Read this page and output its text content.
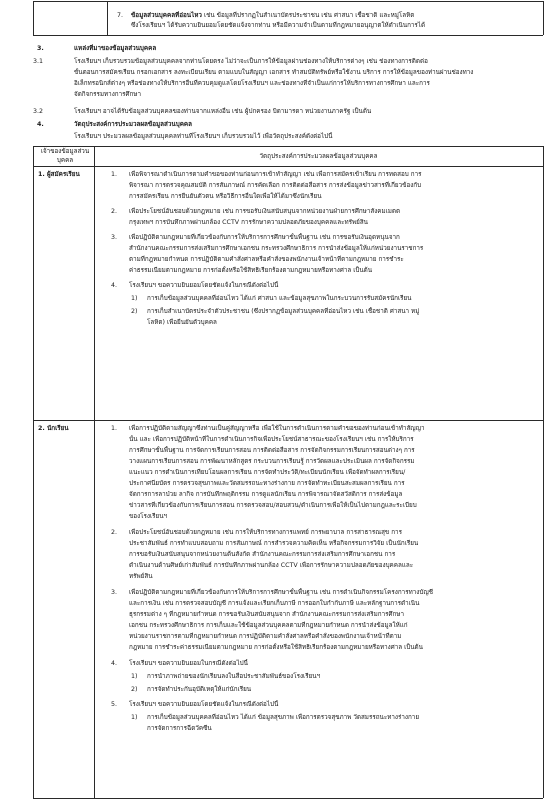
7. ข้อมูลส่วนบุคคลที่อ่อนไหว เช่น ข้อมูลที่ปรากฏในสำเนาบัตรประชาชน เช่น ศาสนา เชื้อชาติ และหมู่โลหิต
ซึ่งโรงเรียนฯ ได้รับความยินยอมโดยชัดแจ้งจากท่าน หรือมีความจำเป็นตามที่กฎหมายอนุญาตให้ดำเนินการได้
3.	แหล่งที่มาของข้อมูลส่วนบุคคล
3.1	โรงเรียนฯ เก็บรวบรวมข้อมูลส่วนบุคคลจากท่านโดยตรง ไม่ว่าจะเป็นการให้ข้อมูลผ่านช่องทางให้บริการต่างๆ เช่น ช่องทางการติดต่อ
ขั้นตอนการสมัครเรียน กรอกเอกสาร ลงทะเบียนเรียน ตามแบบในสัญญา เอกสาร ทำสมบัติทรัพย์หรือใช้งาน บริการ การให้ข้อมูลของท่านผ่านช่องทาง
อิเล็กทรอนิกส์ต่างๆ หรือช่องทางให้บริการอื่นที่ควบคุมดูแลโดยโรงเรียนฯ และช่องทางที่จำเป็นแก่การให้บริการทางการศึกษา และการ
จัดกิจกรรมทางการศึกษา
3.2	โรงเรียนฯ อาจได้รับข้อมูลส่วนบุคคลของท่านจากแหล่งอื่น เช่น ผู้ปกครอง บิดามารดา หน่วยงานภาครัฐ เป็นต้น
4.	วัตถุประสงค์การประมวลผลข้อมูลส่วนบุคคล
โรงเรียนฯ ประมวลผลข้อมูลส่วนบุคคลท่านที่โรงเรียนฯ เก็บรวบรวมไว้ เพื่อวัตถุประสงค์ดังต่อไปนี้
เจ้าของข้อมูลส่วน
บุคคล
วัตถุประสงค์การประมวลผลข้อมูลส่วนบุคคล
1. ผู้สมัครเรียน	1. เพื่อพิจารณาดำเนินการตามคำขอของท่านก่อนการเข้าทำสัญญา เช่น เพื่อการสมัครเข้าเรียน การทดสอบ การ
พิจารณา การตรวจคุณสมบัติ การสัมภาษณ์ การคัดเลือก การติดต่อสื่อสาร การส่งข้อมูลข่าวสารที่เกี่ยวข้องกับ
การสมัครเรียน การยืนยันตัวตน หรือวิธีการอื่นใดเพื่อให้ได้มาซึ่งนักเรียน
2. เพื่อประโยชน์อันชอบด้วยกฎหมาย เช่น การขอรับเงินสนับสนุนจากหน่วยงานฝ่ายการศึกษาสังคมเมตต
กรุงเทพฯ การบันทึกภาพผ่านกล้อง CCTV การรักษาความปลอดภัยของบุคคลและทรัพย์สิน
3. เพื่อปฏิบัติตามกฎหมายที่เกี่ยวข้องกับการให้บริการการศึกษาขั้นพื้นฐาน เช่น การขอรับเงินอุดหนุนจาก
สำนักงานคณะกรรมการส่งเสริมการศึกษาเอกชน กระทรวงศึกษาธิการ การนำส่งข้อมูลให้แก่หน่วยงานราชการ
ตามที่กฎหมายกำหนด การปฏิบัติตามคำสั่งศาลหรือคำสั่งของพนักงานเจ้าหน้าที่ตามกฎหมาย การชำระ
ค่าธรรมเนียมตามกฎหมาย การก่อตั้งหรือใช้สิทธิเรียกร้องตามกฎหมายหรือทางศาล เป็นต้น
4. โรงเรียนฯ ขอความยินยอมโดยชัดแจ้งในกรณีดังต่อไปนี้
1) การเก็บข้อมูลส่วนบุคคลที่อ่อนไหว ได้แก่ ศาสนา และข้อมูลสุขภาพในกระบวนการรับสมัครนักเรียน
2) การเก็บสำเนาบัตรประจำตัวประชาชน (ซึ่งปรากฏข้อมูลส่วนบุคคลที่อ่อนไหว เช่น เชื้อชาติ ศาสนา หมู่
โลหิต) เพื่อยืนยันตัวบุคคล
2. นักเรียน	1. เพื่อการปฏิบัติตามสัญญาซึ่งท่านเป็นคู่สัญญาหรือ เพื่อใช้ในการดำเนินการตามคำขอของท่านก่อนเข้าทำสัญญา
นั้น และ เพื่อการปฏิบัติหน้าที่ในการดำเนินการกิจเพื่อประโยชน์สาธารณะของโรงเรียนฯ เช่น การให้บริการ
การศึกษาขั้นพื้นฐาน การจัดการเรียนการสอน การติดต่อสื่อสาร การจัดกิจกรรมการเรียนการสอนต่างๆ การ
วางแผนการเรียนการสอน การพัฒนาหลักสูตร กระบวนการเรียนรู้ การวัดผลและประเมินผล การจัดกิจกรรม
แนะแนว การดำเนินการเทียบโอนผลการเรียน การจัดทำประวัติ/ทะเบียนนักเรียน เพื่อจัดทำผลการเรียน/
ประกาศนียบัตร การตรวจสุขภาพและวัดสมรรถนะทางร่างกาย การจัดทำทะเบียนสะสมผลการเรียน การ
จัดการการลาป่วย ลากิจ การบันทึกพฤติกรรม การดูแลนักเรียน การพิจารณาจัดสวัสดิการ การส่งข้อมูล
ข่าวสารที่เกี่ยวข้องกับการเรียนการสอน การตรวจสอบ/สอบสวน/ดำเนินการเพื่อให้เป็นไปตามกฎและระเบียบ
ของโรงเรียนฯ
2. เพื่อประโยชน์อันชอบด้วยกฎหมาย เช่น การให้บริการทางการแพทย์ การพยาบาล การสาธารณสุข การ
ประชาสัมพันธ์ การทำแบบสอบถาม การสัมภาษณ์ การสำรวจความคิดเห็น หรือกิจกรรมการวิจัย เป็นนักเรียน
การขอรับเงินสนับสนุนจากหน่วยงานต้นสังกัด สำนักงานคณะกรรมการส่งเสริมการศึกษาเอกชน การ
ดำเนินงานด้านศิษย์เก่าสัมพันธ์ การบันทึกภาพผ่านกล้อง CCTV เพื่อการรักษาความปลอดภัยของบุคคลและ
ทรัพย์สิน
3. เพื่อปฏิบัติตามกฎหมายที่เกี่ยวข้องกับการให้บริการการศึกษาขั้นพื้นฐาน เช่น การดำเนินกิจกรรมโครงการทางบัญชี
และการเงิน เช่น การตรวจสอบบัญชี การแจ้งและเรียกเก็บภาษี การออกใบกำกับภาษี และหลักฐานการดำเนิน
ธุรกรรมต่าง ๆ ที่กฎหมายกำหนด การขอรับเงินสนับสนุนจาก สำนักงานคณะกรรมการส่งเสริมการศึกษา
เอกชน กระทรวงศึกษาธิการ การเก็บและใช้ข้อมูลส่วนบุคคลตามที่กฎหมายกำหนด การนำส่งข้อมูลให้แก่
หน่วยงานราชการตามที่กฎหมายกำหนด การปฏิบัติตามคำสั่งศาลหรือคำสั่งของพนักงานเจ้าหน้าที่ตาม
กฎหมาย การชำระค่าธรรมเนียมตามกฎหมาย การก่อตั้งหรือใช้สิทธิเรียกร้องตามกฎหมายหรือทางศาล เป็นต้น
4. โรงเรียนฯ ขอความยินยอมในกรณีดังต่อไปนี้
1) การนำภาพถ่ายของนักเรียนลงในสื่อประชาสัมพันธ์ของโรงเรียนฯ
2) การจัดทำประกันอุบัติเหตุให้แก่นักเรียน
5. โรงเรียนฯ ขอความยินยอมโดยชัดแจ้งในกรณีดังต่อไปนี้
1) การเก็บข้อมูลส่วนบุคคลที่อ่อนไหว ได้แก่ ข้อมูลสุขภาพ เพื่อการตรวจสุขภาพ วัดสมรรถนะทางร่างกาย
การจัดการการฉีดวัคซีน
